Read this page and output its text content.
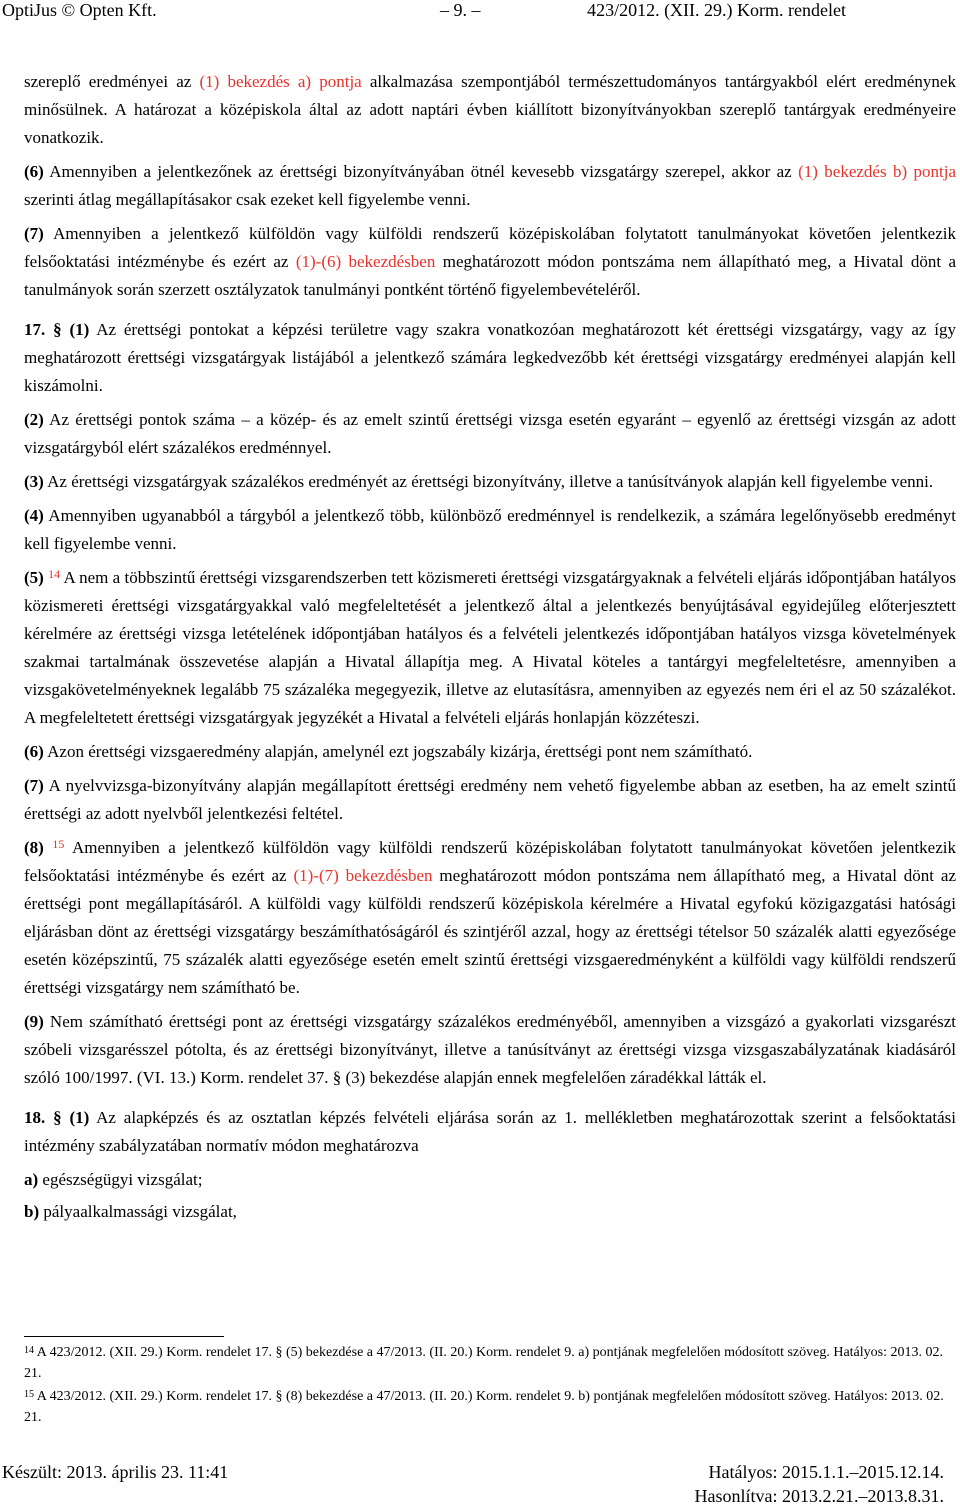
OptiJus © Opten Kft.	– 9. –	423/2012. (XII. 29.) Korm. rendelet

szereplő eredményei az (1) bekezdés a) pontja alkalmazása szempontjából természettudományos tantárgyakból elért eredménynek minősülnek. A határozat a középiskola által az adott naptári évben kiállított bizonyítványokban szereplő tantárgyak eredményeire vonatkozik.

(6) Amennyiben a jelentkezőnek az érettségi bizonyítványában ötnél kevesebb vizsgatárgy szerepel, akkor az (1) bekezdés b) pontja szerinti átlag megállapításakor csak ezeket kell figyelembe venni.

(7) Amennyiben a jelentkező külföldön vagy külföldi rendszerű középiskolában folytatott tanulmányokat követően jelentkezik felsőoktatási intézménybe és ezért az (1)-(6) bekezdésben meghatározott módon pontszáma nem állapítható meg, a Hivatal dönt a tanulmányok során szerzett osztályzatok tanulmányi pontként történő figyelembevételéről.

17. § (1) Az érettségi pontokat a képzési területre vagy szakra vonatkozóan meghatározott két érettségi vizsgatárgy, vagy az így meghatározott érettségi vizsgatárgyak listájából a jelentkező számára legkedvezőbb két érettségi vizsgatárgy eredményei alapján kell kiszámolni.

(2) Az érettségi pontok száma – a közép- és az emelt szintű érettségi vizsga esetén egyaránt – egyenlő az érettségi vizsgán az adott vizsgatárgyból elért százalékos eredménnyel.

(3) Az érettségi vizsgatárgyak százalékos eredményét az érettségi bizonyítvány, illetve a tanúsítványok alapján kell figyelembe venni.

(4) Amennyiben ugyanabból a tárgyból a jelentkező több, különböző eredménnyel is rendelkezik, a számára legelőnyösebb eredményt kell figyelembe venni.

(5) $^{14}$ A nem a többszintű érettségi vizsgarendszerben tett közismereti érettségi vizsgatárgyaknak a felvételi eljárás időpontjában hatályos közismereti érettségi vizsgatárgyakkal való megfeleltetését a jelentkező által a jelentkezés benyújtásával egyidejűleg előterjesztett kérelmére az érettségi vizsga letételének időpontjában hatályos és a felvételi jelentkezés időpontjában hatályos vizsga követelmények szakmai tartalmának összevetése alapján a Hivatal állapítja meg. A Hivatal köteles a tantárgyi megfeleltetésre, amennyiben a vizsgakövetelményeknek legalább 75 százaléka megegyezik, illetve az elutasításra, amennyiben az egyezés nem éri el az 50 százalékot. A megfeleltetett érettségi vizsgatárgyak jegyzékét a Hivatal a felvételi eljárás honlapján közzéteszi.

(6) Azon érettségi vizsgaeredmény alapján, amelynél ezt jogszabály kizárja, érettségi pont nem számítható.

(7) A nyelvvizsga-bizonyítvány alapján megállapított érettségi eredmény nem vehető figyelembe abban az esetben, ha az emelt szintű érettségi az adott nyelvből jelentkezési feltétel.

(8) $^{15}$ Amennyiben a jelentkező külföldön vagy külföldi rendszerű középiskolában folytatott tanulmányokat követően jelentkezik felsőoktatási intézménybe és ezért az (1)-(7) bekezdésben meghatározott módon pontszáma nem állapítható meg, a Hivatal dönt az érettségi pont megállapításáról. A külföldi vagy külföldi rendszerű középiskola kérelmére a Hivatal egyfokú közigazgatási hatósági eljárásban dönt az érettségi vizsgatárgy beszámíthatóságáról és szintjéről azzal, hogy az érettségi tételsor 50 százalék alatti egyezősége esetén középszintű, 75 százalék alatti egyezősége esetén emelt szintű érettségi vizsgaeredményként a külföldi vagy külföldi rendszerű érettségi vizsgatárgy nem számítható be.

(9) Nem számítható érettségi pont az érettségi vizsgatárgy százalékos eredményéből, amennyiben a vizsgázó a gyakorlati vizsgarészt szóbeli vizsgarésszel pótolta, és az érettségi bizonyítványt, illetve a tanúsítványt az érettségi vizsga vizsgaszabályzatának kiadásáról szóló 100/1997. (VI. 13.) Korm. rendelet 37. § (3) bekezdése alapján ennek megfelelően záradékkal látták el.

18. § (1) Az alapképzés és az osztatlan képzés felvételi eljárása során az 1. mellékletben meghatározottak szerint a felsőoktatási intézmény szabályzatában normatív módon meghatározva

a) egészségügyi vizsgálat;
b) pályaalkalmassági vizsgálat,
$^{14}$ A 423/2012. (XII. 29.) Korm. rendelet 17. § (5) bekezdése a 47/2013. (II. 20.) Korm. rendelet 9. a) pontjának megfelelően módosított szöveg. Hatályos: 2013. 02. 21.
$^{15}$ A 423/2012. (XII. 29.) Korm. rendelet 17. § (8) bekezdése a 47/2013. (II. 20.) Korm. rendelet 9. b) pontjának megfelelően módosított szöveg. Hatályos: 2013. 02. 21.
Készült: 2013. április 23. 11:41	Hatályos: 2015.1.1.–2015.12.14.
Hasonlítva: 2013.2.21.–2013.8.31.
